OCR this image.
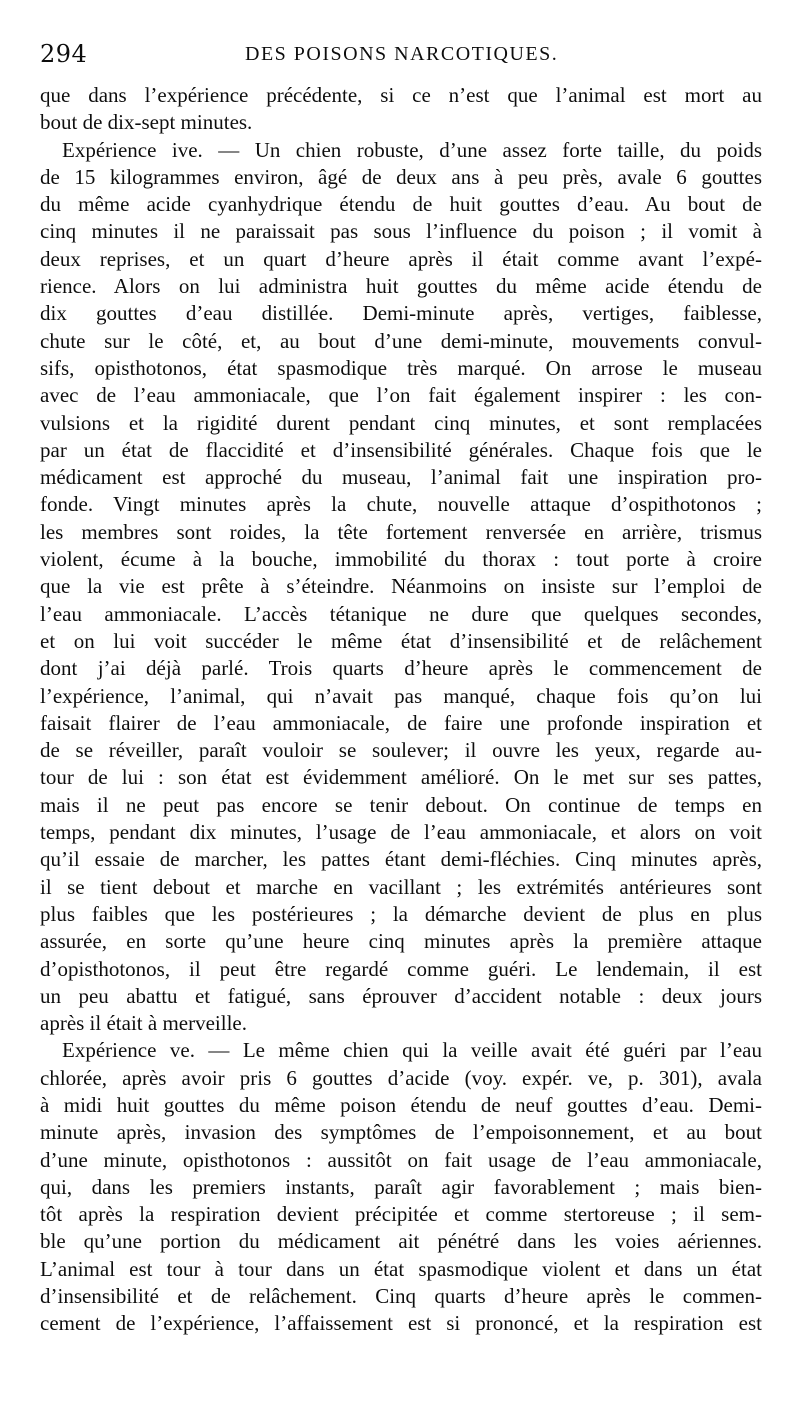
294	DES POISONS NARCOTIQUES.
que dans l’expérience précédente, si ce n’est que l’animal est mort au
bout de dix-sept minutes.
Expérience ive. — Un chien robuste, d’une assez forte taille, du poids
de 15 kilogrammes environ, âgé de deux ans à peu près, avale 6 gouttes
du même acide cyanhydrique étendu de huit gouttes d’eau. Au bout de
cinq minutes il ne paraissait pas sous l’influence du poison ; il vomit à
deux reprises, et un quart d’heure après il était comme avant l’expé-
rience. Alors on lui administra huit gouttes du même acide étendu de
dix gouttes d’eau distillée. Demi-minute après, vertiges, faiblesse,
chute sur le côté, et, au bout d’une demi-minute, mouvements convul-
sifs, opisthotonos, état spasmodique très marqué. On arrose le museau
avec de l’eau ammoniacale, que l’on fait également inspirer : les con-
vulsions et la rigidité durent pendant cinq minutes, et sont remplacées
par un état de flaccidité et d’insensibilité générales. Chaque fois que le
médicament est approché du museau, l’animal fait une inspiration pro-
fonde. Vingt minutes après la chute, nouvelle attaque d’ospithotonos ;
les membres sont roides, la tête fortement renversée en arrière, trismus
violent, écume à la bouche, immobilité du thorax : tout porte à croire
que la vie est prête à s’éteindre. Néanmoins on insiste sur l’emploi de
l’eau ammoniacale. L’accès tétanique ne dure que quelques secondes,
et on lui voit succéder le même état d’insensibilité et de relâchement
dont j’ai déjà parlé. Trois quarts d’heure après le commencement de
l’expérience, l’animal, qui n’avait pas manqué, chaque fois qu’on lui
faisait flairer de l’eau ammoniacale, de faire une profonde inspiration et
de se réveiller, paraît vouloir se soulever; il ouvre les yeux, regarde au-
tour de lui : son état est évidemment amélioré. On le met sur ses pattes,
mais il ne peut pas encore se tenir debout. On continue de temps en
temps, pendant dix minutes, l’usage de l’eau ammoniacale, et alors on voit
qu’il essaie de marcher, les pattes étant demi-fléchies. Cinq minutes après,
il se tient debout et marche en vacillant ; les extrémités antérieures sont
plus faibles que les postérieures ; la démarche devient de plus en plus
assurée, en sorte qu’une heure cinq minutes après la première attaque
d’opisthotonos, il peut être regardé comme guéri. Le lendemain, il est
un peu abattu et fatigué, sans éprouver d’accident notable : deux jours
après il était à merveille.
Expérience ve. — Le même chien qui la veille avait été guéri par l’eau
chlorée, après avoir pris 6 gouttes d’acide (voy. expér. ve, p. 301), avala
à midi huit gouttes du même poison étendu de neuf gouttes d’eau. Demi-
minute après, invasion des symptômes de l’empoisonnement, et au bout
d’une minute, opisthotonos : aussitôt on fait usage de l’eau ammoniacale,
qui, dans les premiers instants, paraît agir favorablement ; mais bien-
tôt après la respiration devient précipitée et comme stertoreuse ; il sem-
ble qu’une portion du médicament ait pénétré dans les voies aériennes.
L’animal est tour à tour dans un état spasmodique violent et dans un état
d’insensibilité et de relâchement. Cinq quarts d’heure après le commen-
cement de l’expérience, l’affaissement est si prononcé, et la respiration est
